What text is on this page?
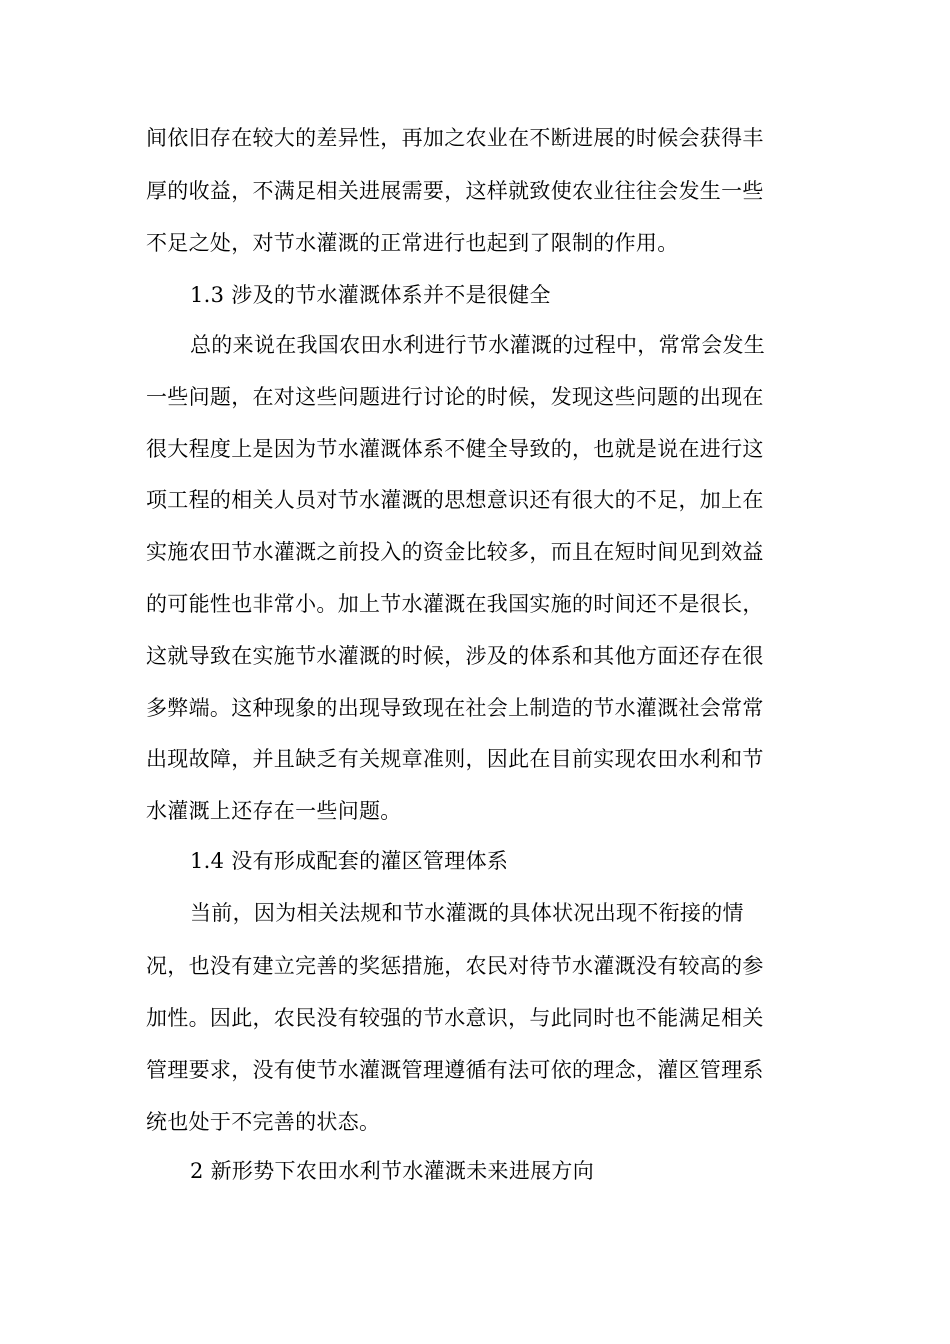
间依旧存在较大的差异性，再加之农业在不断进展的时候会获得丰
厚的收益，不满足相关进展需要，这样就致使农业往往会发生一些
不足之处，对节水灌溉的正常进行也起到了限制的作用。
1.3 涉及的节水灌溉体系并不是很健全
总的来说在我国农田水利进行节水灌溉的过程中，常常会发生
一些问题，在对这些问题进行讨论的时候，发现这些问题的出现在
很大程度上是因为节水灌溉体系不健全导致的，也就是说在进行这
项工程的相关人员对节水灌溉的思想意识还有很大的不足，加上在
实施农田节水灌溉之前投入的资金比较多，而且在短时间见到效益
的可能性也非常小。加上节水灌溉在我国实施的时间还不是很长，
这就导致在实施节水灌溉的时候，涉及的体系和其他方面还存在很
多弊端。这种现象的出现导致现在社会上制造的节水灌溉社会常常
出现故障，并且缺乏有关规章准则，因此在目前实现农田水利和节
水灌溉上还存在一些问题。
1.4 没有形成配套的灌区管理体系
当前，因为相关法规和节水灌溉的具体状况出现不衔接的情
况，也没有建立完善的奖惩措施，农民对待节水灌溉没有较高的参
加性。因此，农民没有较强的节水意识，与此同时也不能满足相关
管理要求，没有使节水灌溉管理遵循有法可依的理念，灌区管理系
统也处于不完善的状态。
2 新形势下农田水利节水灌溉未来进展方向
